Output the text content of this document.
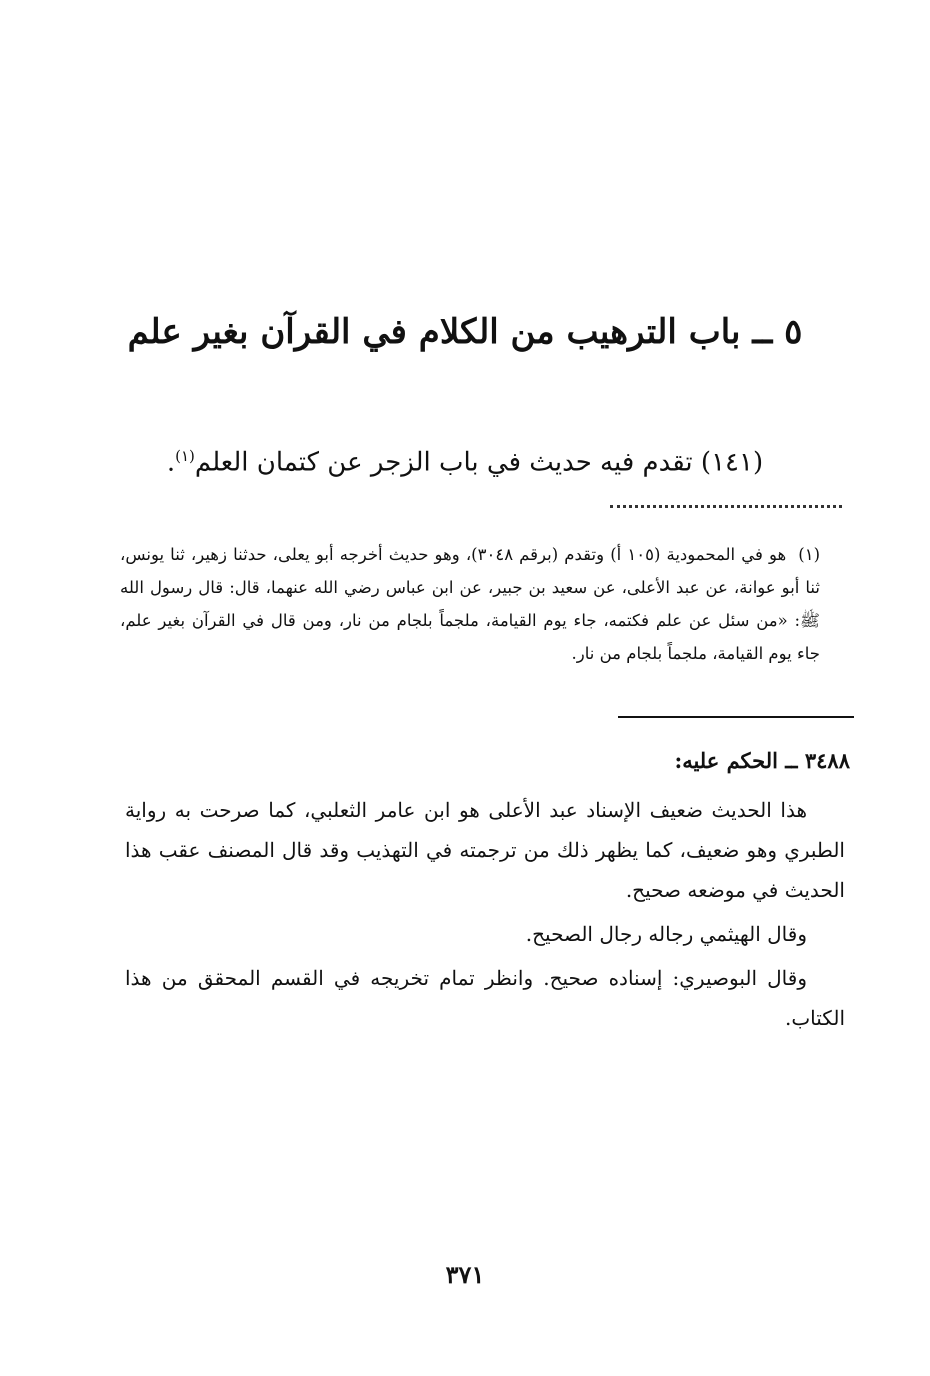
٥ ــ باب الترهيب من الكلام في القرآن بغير علم
(١٤١) تقدم فيه حديث في باب الزجر عن كتمان العلم$^{(١)}$.
(١)هو في المحمودية (١٠٥ أ) وتقدم (برقم ٣٠٤٨)، وهو حديث أخرجه أبو يعلى، حدثنا زهير، ثنا يونس، ثنا أبو عوانة، عن عبد الأعلى، عن سعيد بن جبير، عن ابن عباس رضي الله عنهما، قال: قال رسول الله ﷺ: «من سئل عن علم فكتمه، جاء يوم القيامة، ملجماً بلجام من نار، ومن قال في القرآن بغير علم، جاء يوم القيامة، ملجماً بلجام من نار.
٣٤٨٨ ــ الحكم عليه:

هذا الحديث ضعيف الإسناد عبد الأعلى هو ابن عامر الثعلبي، كما صرحت به رواية الطبري وهو ضعيف، كما يظهر ذلك من ترجمته في التهذيب وقد قال المصنف عقب هذا الحديث في موضعه صحيح.

وقال الهيثمي رجاله رجال الصحيح.

وقال البوصيري: إسناده صحيح. وانظر تمام تخريجه في القسم المحقق من هذا الكتاب.

٣٧١
